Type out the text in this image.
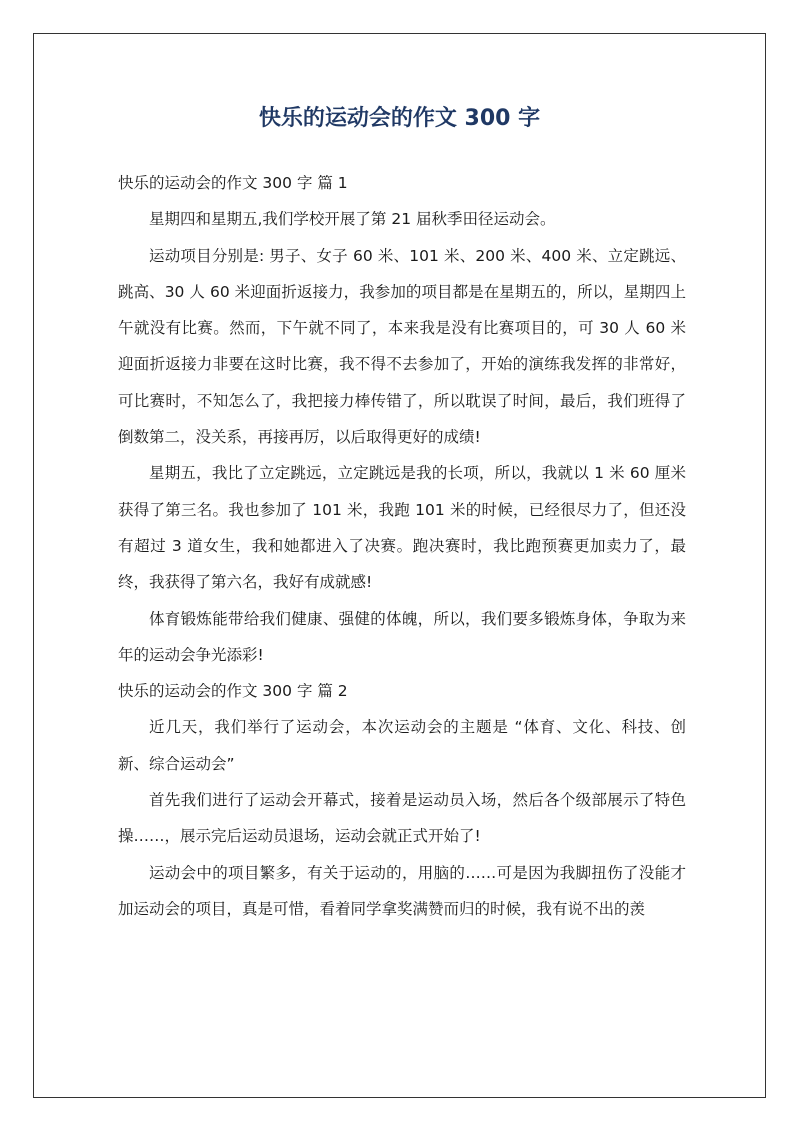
快乐的运动会的作文 300 字

快乐的运动会的作文 300 字 篇 1

星期四和星期五,我们学校开展了第 21 届秋季田径运动会。

运动项目分别是: 男子、女子 60 米、101 米、200 米、400 米、立定跳远、跳高、30 人 60 米迎面折返接力，我参加的项目都是在星期五的，所以，星期四上午就没有比赛。然而，下午就不同了，本来我是没有比赛项目的，可 30 人 60 米迎面折返接力非要在这时比赛，我不得不去参加了，开始的演练我发挥的非常好，可比赛时，不知怎么了，我把接力棒传错了，所以耽误了时间，最后，我们班得了倒数第二，没关系，再接再厉，以后取得更好的成绩!

星期五，我比了立定跳远，立定跳远是我的长项，所以，我就以 1 米 60 厘米获得了第三名。我也参加了 101 米，我跑 101 米的时候，已经很尽力了，但还没有超过 3 道女生，我和她都进入了决赛。跑决赛时，我比跑预赛更加卖力了，最终，我获得了第六名，我好有成就感!

体育锻炼能带给我们健康、强健的体魄，所以，我们要多锻炼身体，争取为来年的运动会争光添彩!

快乐的运动会的作文 300 字 篇 2

近几天，我们举行了运动会，本次运动会的主题是 “体育、文化、科技、创新、综合运动会”

首先我们进行了运动会开幕式，接着是运动员入场，然后各个级部展示了特色操……，展示完后运动员退场，运动会就正式开始了!

运动会中的项目繁多，有关于运动的，用脑的……可是因为我脚扭伤了没能才加运动会的项目，真是可惜，看着同学拿奖满赞而归的时候，我有说不出的羡
